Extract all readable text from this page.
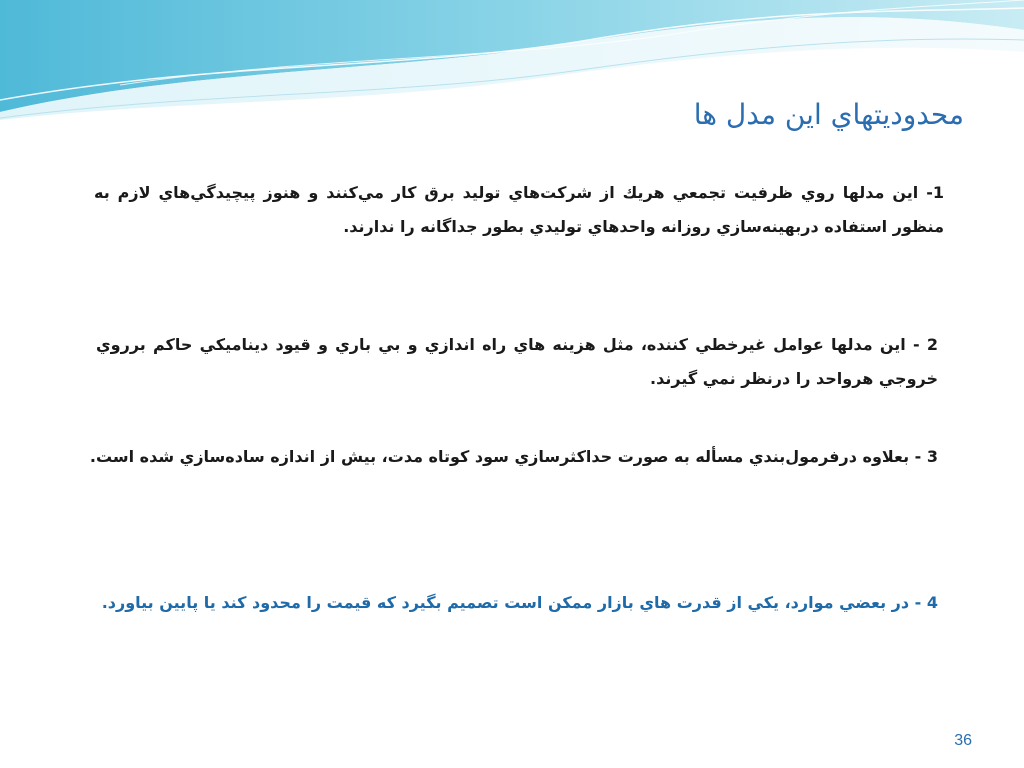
محدوديتهاي اين مدل ها
1- اين مدلها روي ظرفيت تجمعي هريك از شركت‌هاي توليد برق كار مي‌كنند و هنوز پيچيدگي‌هاي لازم به منظور استفاده دربهينه‌سازي روزانه واحدهاي توليدي بطور جداگانه را ندارند.
2 - اين مدلها عوامل غيرخطي كننده، مثل هزينه هاي راه اندازي و بي باري و قيود ديناميكي حاكم برروي خروجي هرواحد را درنظر نمي گيرند.
3 - بعلاوه درفرمول‌بندي مسأله به صورت حداكثرسازي سود كوتاه مدت، بيش از اندازه ساده‌سازي شده است.
4 - در بعضي موارد، يكي از قدرت هاي بازار ممكن است تصميم بگيرد كه قيمت را محدود كند يا پايين بياورد.
36
